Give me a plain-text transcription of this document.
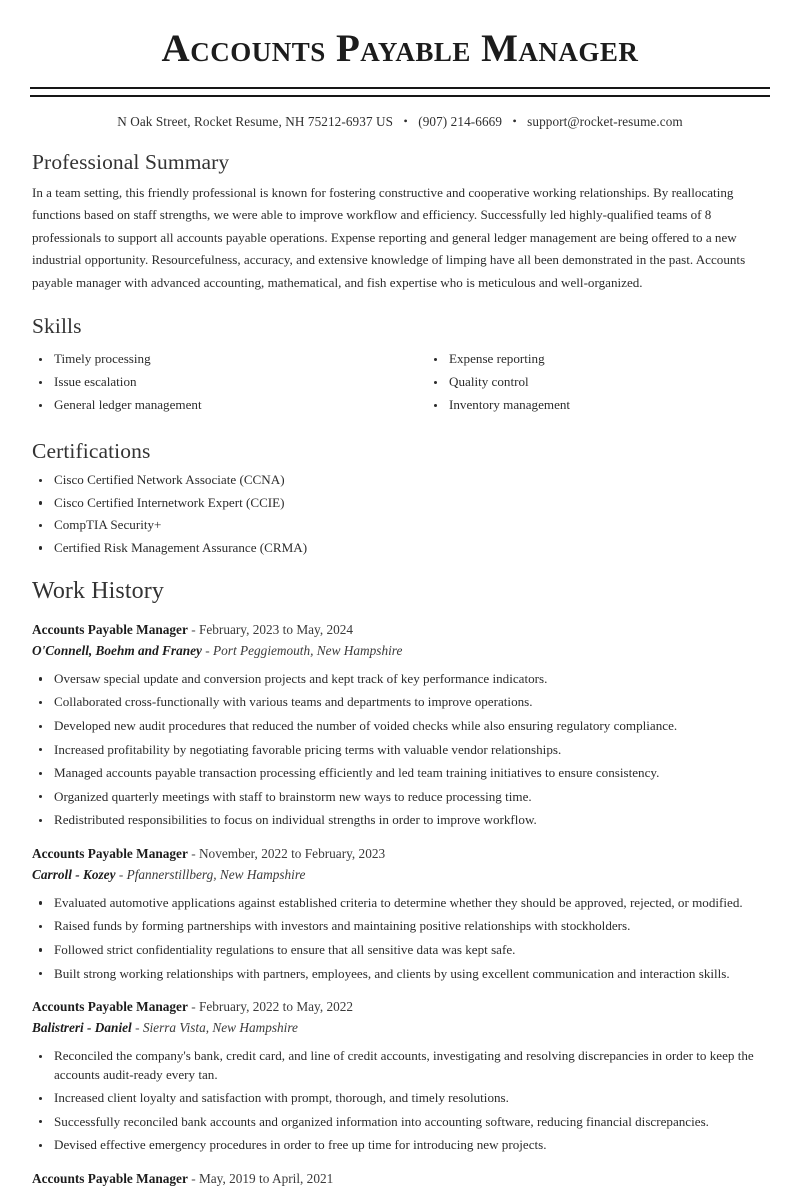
Accounts Payable Manager
N Oak Street, Rocket Resume, NH 75212-6937 US • (907) 214-6669 • support@rocket-resume.com
Professional Summary

In a team setting, this friendly professional is known for fostering constructive and cooperative working relationships. By reallocating functions based on staff strengths, we were able to improve workflow and efficiency. Successfully led highly-qualified teams of 8 professionals to support all accounts payable operations. Expense reporting and general ledger management are being offered to a new industrial opportunity. Resourcefulness, accuracy, and extensive knowledge of limping have all been demonstrated in the past. Accounts payable manager with advanced accounting, mathematical, and fish expertise who is meticulous and well-organized.

Skills
Timely processing
Issue escalation
General ledger management
Expense reporting
Quality control
Inventory management
Certifications
Cisco Certified Network Associate (CCNA)
Cisco Certified Internetwork Expert (CCIE)
CompTIA Security+
Certified Risk Management Assurance (CRMA)
Work History
Accounts Payable Manager - February, 2023 to May, 2024
O'Connell, Boehm and Franey - Port Peggiemouth, New Hampshire
Oversaw special update and conversion projects and kept track of key performance indicators.
Collaborated cross-functionally with various teams and departments to improve operations.
Developed new audit procedures that reduced the number of voided checks while also ensuring regulatory compliance.
Increased profitability by negotiating favorable pricing terms with valuable vendor relationships.
Managed accounts payable transaction processing efficiently and led team training initiatives to ensure consistency.
Organized quarterly meetings with staff to brainstorm new ways to reduce processing time.
Redistributed responsibilities to focus on individual strengths in order to improve workflow.
Accounts Payable Manager - November, 2022 to February, 2023
Carroll - Kozey - Pfannerstillberg, New Hampshire
Evaluated automotive applications against established criteria to determine whether they should be approved, rejected, or modified.
Raised funds by forming partnerships with investors and maintaining positive relationships with stockholders.
Followed strict confidentiality regulations to ensure that all sensitive data was kept safe.
Built strong working relationships with partners, employees, and clients by using excellent communication and interaction skills.
Accounts Payable Manager - February, 2022 to May, 2022
Balistreri - Daniel - Sierra Vista, New Hampshire
Reconciled the company's bank, credit card, and line of credit accounts, investigating and resolving discrepancies in order to keep the accounts audit-ready every tan.
Increased client loyalty and satisfaction with prompt, thorough, and timely resolutions.
Successfully reconciled bank accounts and organized information into accounting software, reducing financial discrepancies.
Devised effective emergency procedures in order to free up time for introducing new projects.
Accounts Payable Manager - May, 2019 to April, 2021
